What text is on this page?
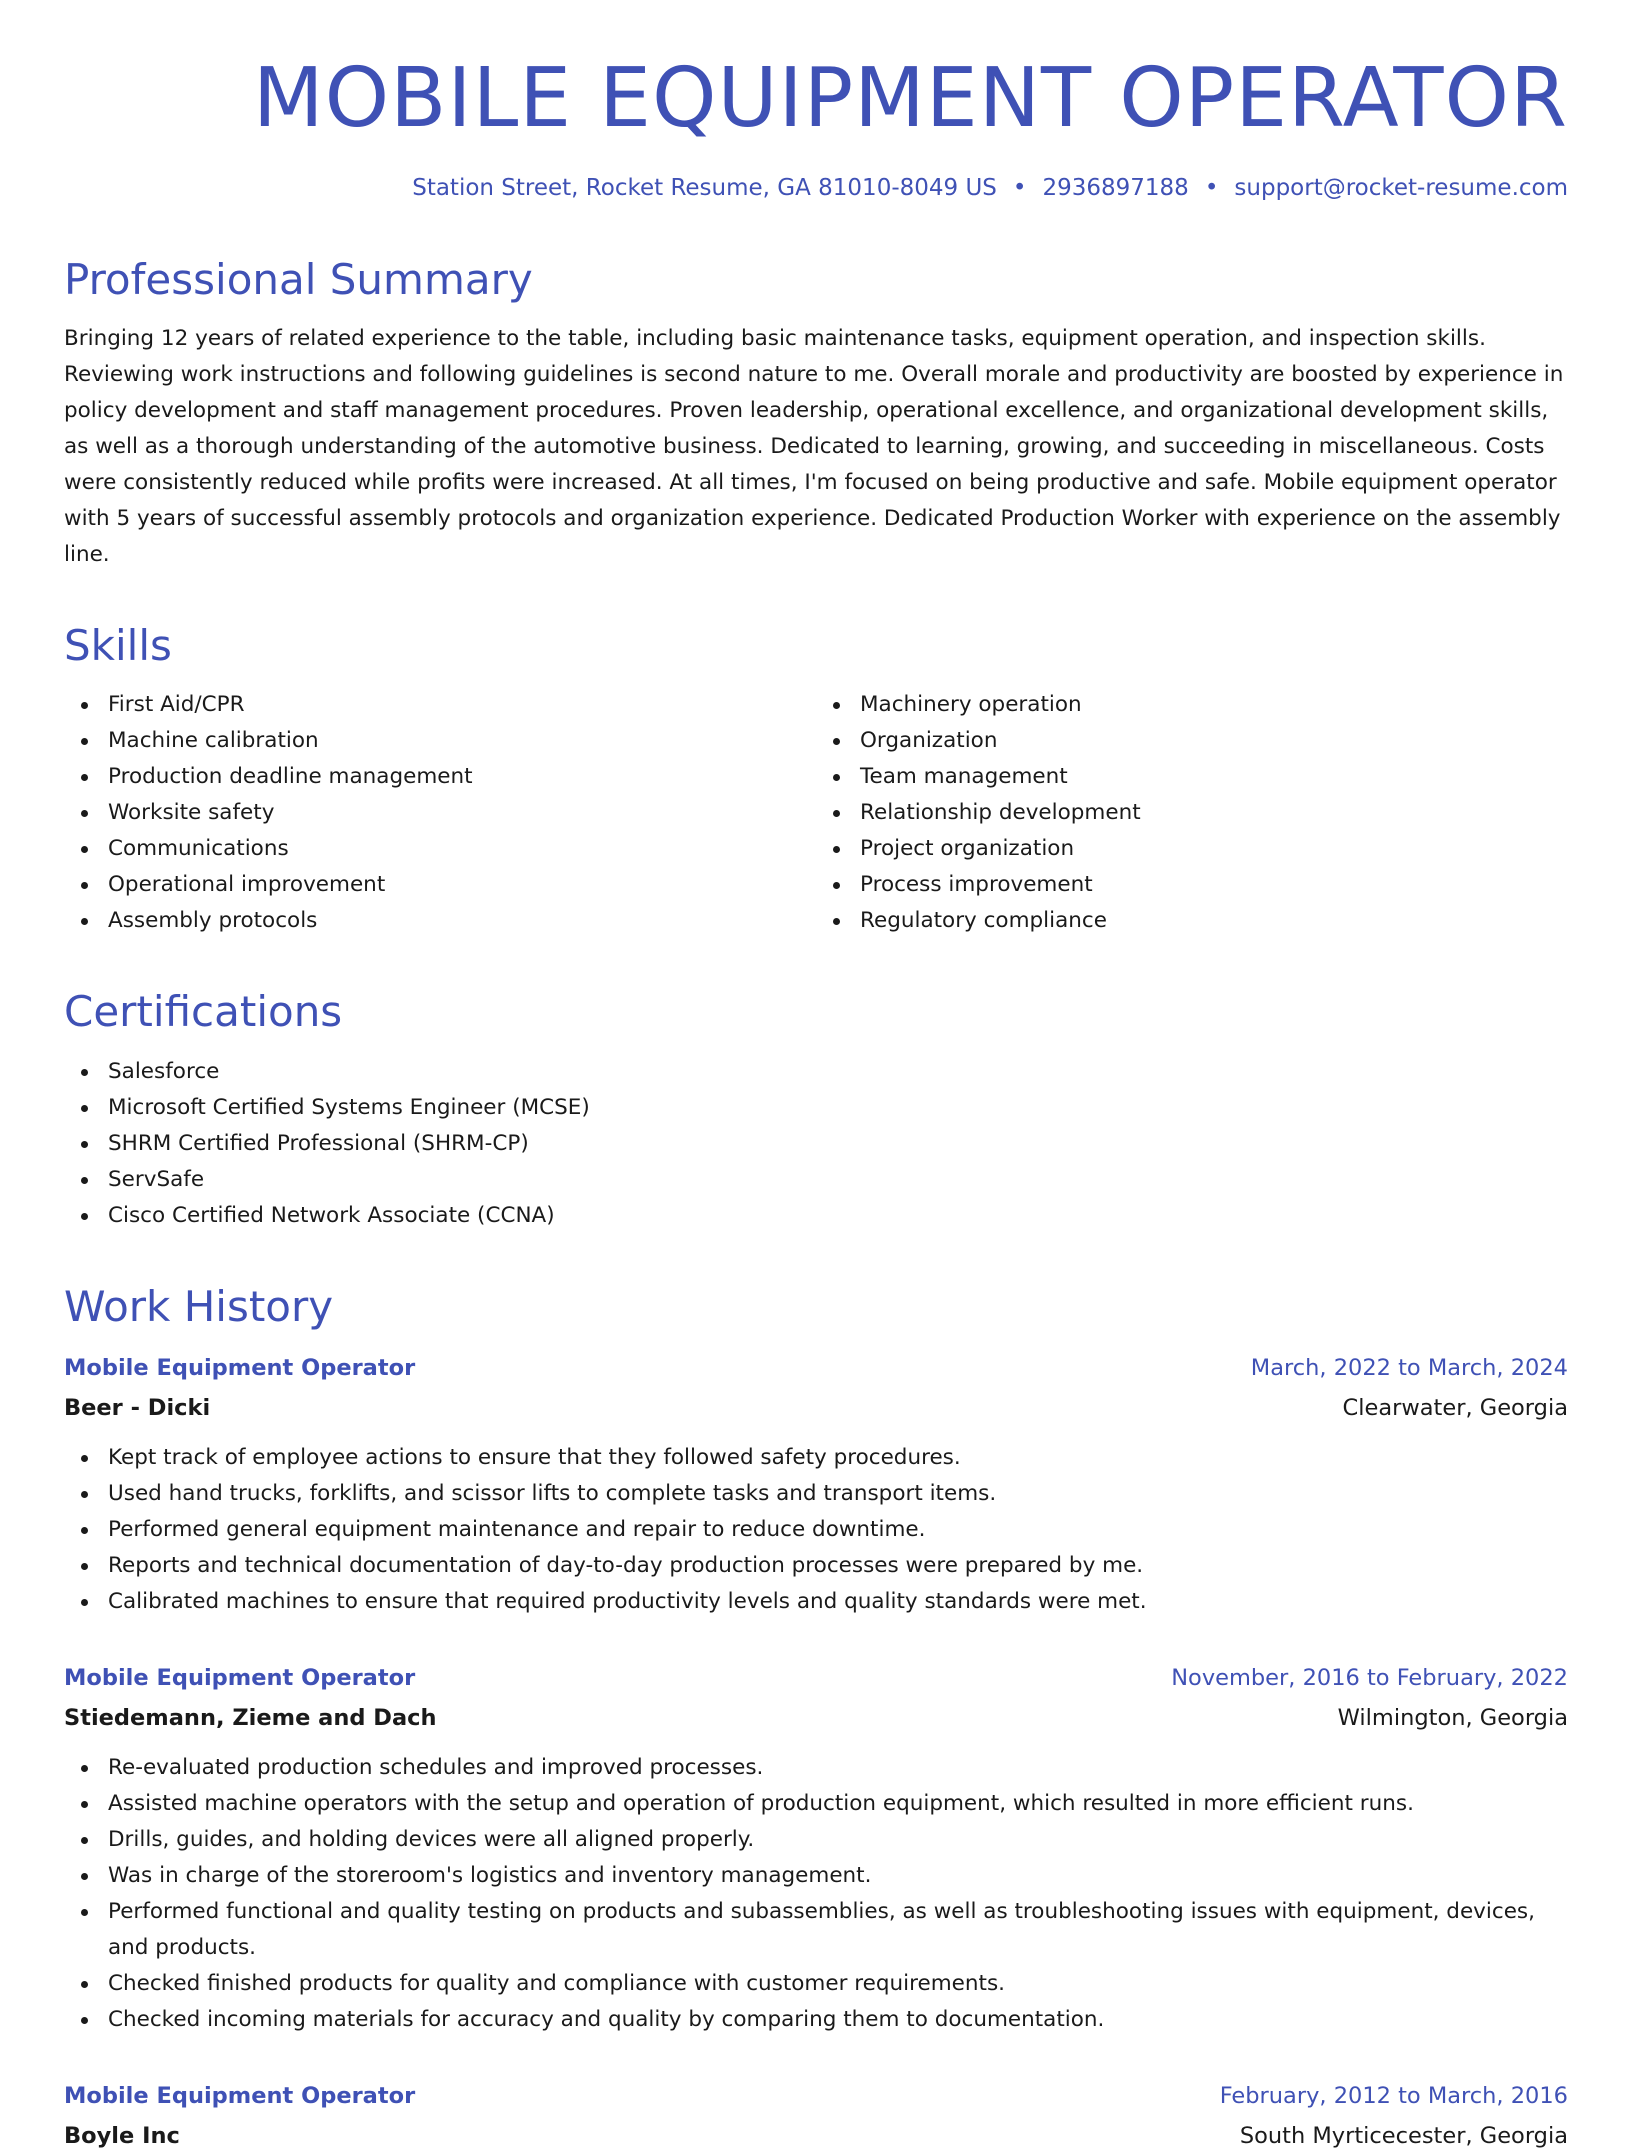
MOBILE EQUIPMENT OPERATOR
Station Street, Rocket Resume, GA 81010-8049 US • 2936897188 • support@rocket-resume.com
Professional Summary

Bringing 12 years of related experience to the table, including basic maintenance tasks, equipment operation, and inspection skills. Reviewing work instructions and following guidelines is second nature to me. Overall morale and productivity are boosted by experience in policy development and staff management procedures. Proven leadership, operational excellence, and organizational development skills, as well as a thorough understanding of the automotive business. Dedicated to learning, growing, and succeeding in miscellaneous. Costs were consistently reduced while profits were increased. At all times, I'm focused on being productive and safe. Mobile equipment operator with 5 years of successful assembly protocols and organization experience. Dedicated Production Worker with experience on the assembly line.

Skills
First Aid/CPR
Machine calibration
Production deadline management
Worksite safety
Communications
Operational improvement
Assembly protocols
Machinery operation
Organization
Team management
Relationship development
Project organization
Process improvement
Regulatory compliance
Certifications
Salesforce
Microsoft Certified Systems Engineer (MCSE)
SHRM Certified Professional (SHRM-CP)
ServSafe
Cisco Certified Network Associate (CCNA)
Work History
Mobile Equipment Operator	March, 2022 to March, 2024
Beer - Dicki	Clearwater, Georgia
Kept track of employee actions to ensure that they followed safety procedures.
Used hand trucks, forklifts, and scissor lifts to complete tasks and transport items.
Performed general equipment maintenance and repair to reduce downtime.
Reports and technical documentation of day-to-day production processes were prepared by me.
Calibrated machines to ensure that required productivity levels and quality standards were met.
Mobile Equipment Operator	November, 2016 to February, 2022
Stiedemann, Zieme and Dach	Wilmington, Georgia
Re-evaluated production schedules and improved processes.
Assisted machine operators with the setup and operation of production equipment, which resulted in more efficient runs.
Drills, guides, and holding devices were all aligned properly.
Was in charge of the storeroom's logistics and inventory management.
Performed functional and quality testing on products and subassemblies, as well as troubleshooting issues with equipment, devices, and products.
Checked finished products for quality and compliance with customer requirements.
Checked incoming materials for accuracy and quality by comparing them to documentation.
Mobile Equipment Operator	February, 2012 to March, 2016
Boyle Inc	South Myrticecester, Georgia
